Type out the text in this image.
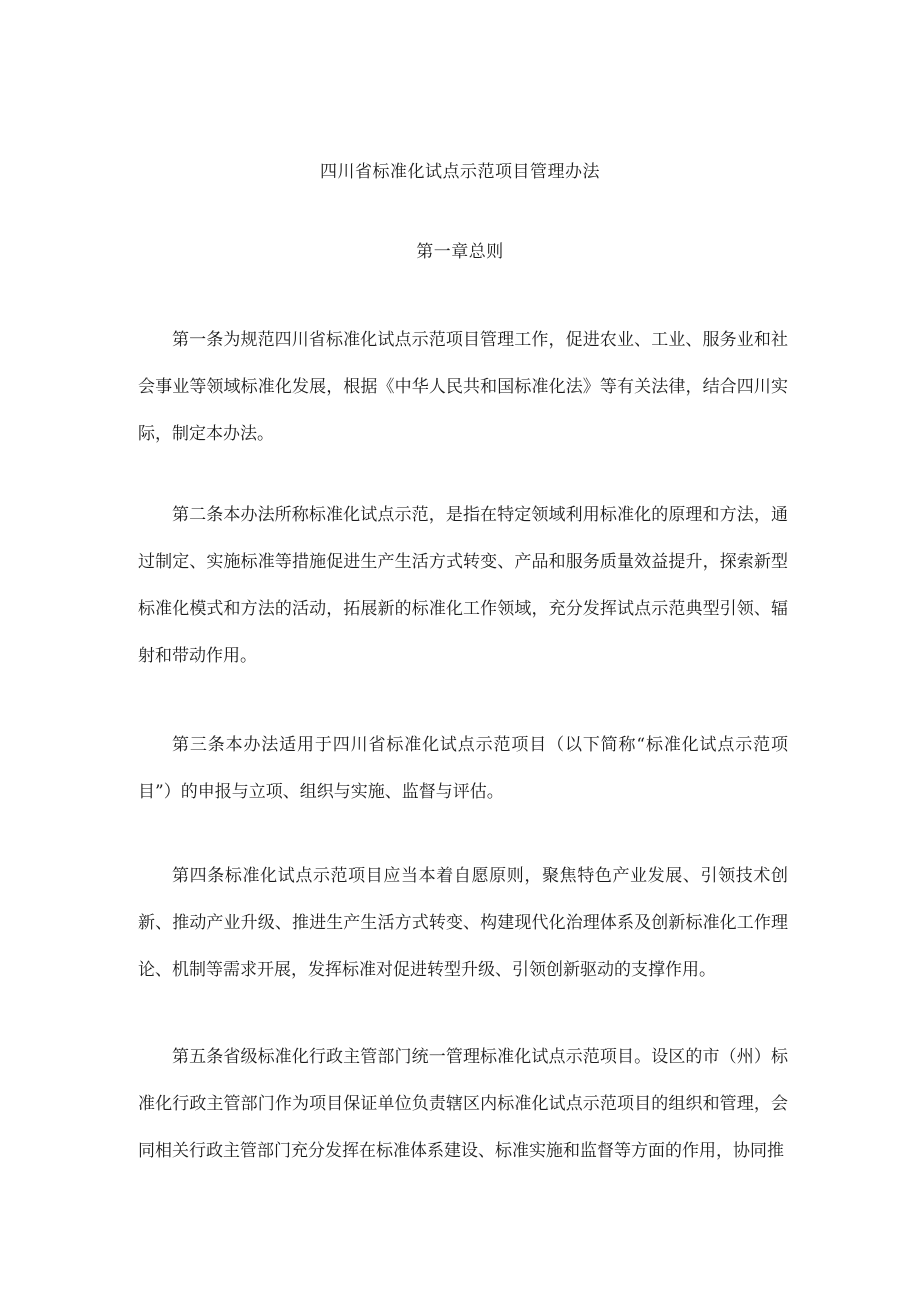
四川省标准化试点示范项目管理办法
第一章总则

第一条为规范四川省标准化试点示范项目管理工作，促进农业、工业、服务业和社会事业等领域标准化发展，根据《中华人民共和国标准化法》等有关法律，结合四川实际，制定本办法。

第二条本办法所称标准化试点示范，是指在特定领域利用标准化的原理和方法，通过制定、实施标准等措施促进生产生活方式转变、产品和服务质量效益提升，探索新型标准化模式和方法的活动，拓展新的标准化工作领域，充分发挥试点示范典型引领、辐射和带动作用。

第三条本办法适用于四川省标准化试点示范项目（以下简称“标准化试点示范项目”）的申报与立项、组织与实施、监督与评估。

第四条标准化试点示范项目应当本着自愿原则，聚焦特色产业发展、引领技术创新、推动产业升级、推进生产生活方式转变、构建现代化治理体系及创新标准化工作理论、机制等需求开展，发挥标准对促进转型升级、引领创新驱动的支撑作用。

第五条省级标准化行政主管部门统一管理标准化试点示范项目。设区的市（州）标准化行政主管部门作为项目保证单位负责辖区内标准化试点示范项目的组织和管理，会同相关行政主管部门充分发挥在标准体系建设、标准实施和监督等方面的作用，协同推
